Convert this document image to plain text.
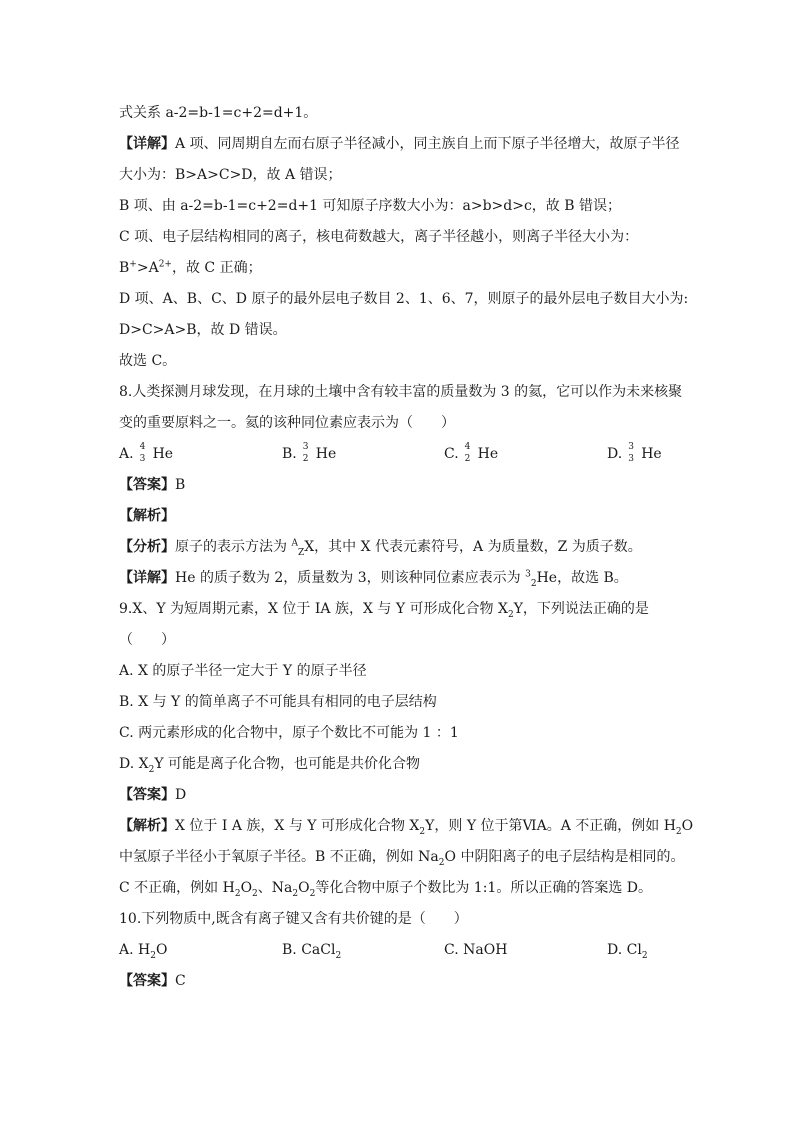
式关系 a-2=b-1=c+2=d+1。
【详解】A 项、同周期自左而右原子半径减小，同主族自上而下原子半径增大，故原子半径
大小为：B>A>C>D，故 A 错误；
B 项、由 a-2=b-1=c+2=d+1 可知原子序数大小为：a>b>d>c，故 B 错误；
C 项、电子层结构相同的离子，核电荷数越大，离子半径越小，则离子半径大小为：
$B^+>A^{2+}$，故 C 正确；
D 项、A、B、C、D 原子的最外层电子数目 2、1、6、7，则原子的最外层电子数目大小为:
D>C>A>B，故 D 错误。
故选 C。
8.人类探测月球发现，在月球的土壤中含有较丰富的质量数为 3 的氦，它可以作为未来核聚
变的重要原料之一。氦的该种同位素应表示为（　　）
A. 4
3 He	B. 3
2 He	C. 4
2 He	D. 3
3 He
【答案】B
【解析】
【分析】原子的表示方法为 $^A_Z$X，其中 X 代表元素符号，A 为质量数，Z 为质子数。
【详解】He 的质子数为 2，质量数为 3，则该种同位素应表示为 $^3_2$He，故选 B。
9.X、Y 为短周期元素，X 位于 IA 族，X 与 Y 可形成化合物 $X_2Y$，下列说法正确的是
（　　）
A. X 的原子半径一定大于 Y 的原子半径
B. X 与 Y 的简单离子不可能具有相同的电子层结构
C. 两元素形成的化合物中，原子个数比不可能为 1 ：1
D. $X_2Y$ 可能是离子化合物，也可能是共价化合物
【答案】D
【解析】X 位于 I A 族，X 与 Y 可形成化合物 $X_2Y$，则 Y 位于第ⅥA。A 不正确，例如 $H_2O$
中氢原子半径小于氧原子半径。B 不正确，例如 $Na_2O$ 中阴阳离子的电子层结构是相同的。
C 不正确，例如 $H_2O_2$、$Na_2O_2$等化合物中原子个数比为 1:1。所以正确的答案选 D。
10.下列物质中,既含有离子键又含有共价键的是（　　）
A. $H_2O$	B. CaCl$_2$	C. NaOH	D. $Cl_2$
【答案】C
